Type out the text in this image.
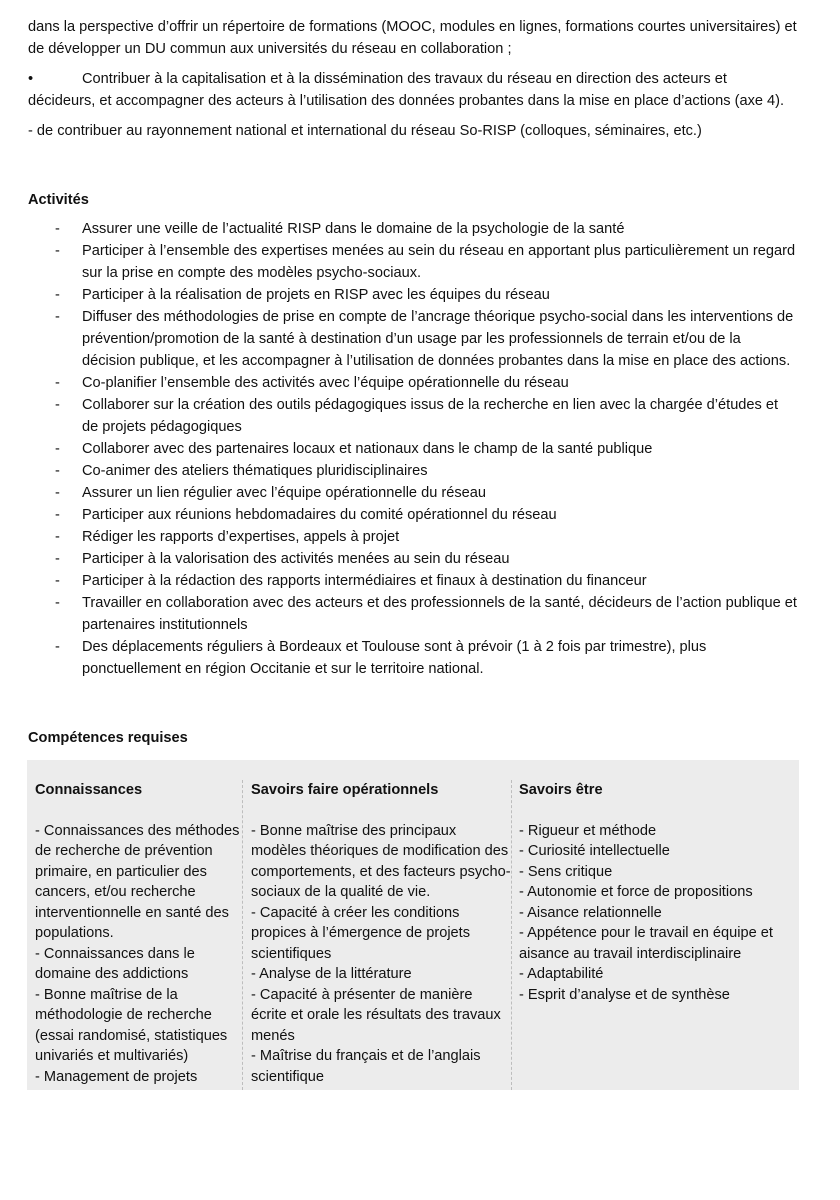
dans la perspective d’offrir un répertoire de formations (MOOC, modules en lignes, formations courtes universitaires) et de développer un DU commun aux universités du réseau en collaboration ;

•	Contribuer à la capitalisation et à la dissémination des travaux du réseau en direction des acteurs et décideurs, et accompagner des acteurs à l’utilisation des données probantes dans la mise en place d’actions (axe 4).

- de contribuer au rayonnement national et international du réseau So-RISP (colloques, séminaires, etc.)

Activités
- Assurer une veille de l’actualité RISP dans le domaine de la psychologie de la santé
- Participer à l’ensemble des expertises menées au sein du réseau en apportant plus particulièrement un regard sur la prise en compte des modèles psycho-sociaux.
- Participer à la réalisation de projets en RISP avec les équipes du réseau
- Diffuser des méthodologies de prise en compte de l’ancrage théorique psycho-social dans les interventions de prévention/promotion de la santé à destination d’un usage par les professionnels de terrain et/ou de la décision publique, et les accompagner à l’utilisation de données probantes dans la mise en place des actions.
- Co-planifier l’ensemble des activités avec l’équipe opérationnelle du réseau
- Collaborer sur la création des outils pédagogiques issus de la recherche en lien avec la chargée d’études et de projets pédagogiques
- Collaborer avec des partenaires locaux et nationaux dans le champ de la santé publique
- Co-animer des ateliers thématiques pluridisciplinaires
- Assurer un lien régulier avec l’équipe opérationnelle du réseau
- Participer aux réunions hebdomadaires du comité opérationnel du réseau
- Rédiger les rapports d’expertises, appels à projet
- Participer à la valorisation des activités menées au sein du réseau
- Participer à la rédaction des rapports intermédiaires et finaux à destination du financeur
- Travailler en collaboration avec des acteurs et des professionnels de la santé, décideurs de l’action publique et partenaires institutionnels
- Des déplacements réguliers à Bordeaux et Toulouse sont à prévoir (1 à 2 fois par trimestre), plus ponctuellement en région Occitanie et sur le territoire national.
Compétences requises
Connaissances
- Connaissances des méthodes de recherche de prévention primaire, en particulier des cancers, et/ou recherche interventionnelle en santé des populations.
- Connaissances dans le domaine des addictions
- Bonne maîtrise de la méthodologie de recherche (essai randomisé, statistiques univariés et multivariés)
- Management de projets
Savoirs faire opérationnels
- Bonne maîtrise des principaux modèles théoriques de modification des comportements, et des facteurs psycho-sociaux de la qualité de vie.
- Capacité à créer les conditions propices à l’émergence de projets scientifiques
- Analyse de la littérature
- Capacité à présenter de manière écrite et orale les résultats des travaux menés
- Maîtrise du français et de l’anglais scientifique
Savoirs être
- Rigueur et méthode
- Curiosité intellectuelle
- Sens critique
- Autonomie et force de propositions
- Aisance relationnelle
- Appétence pour le travail en équipe et aisance au travail interdisciplinaire
- Adaptabilité
- Esprit d’analyse et de synthèse
